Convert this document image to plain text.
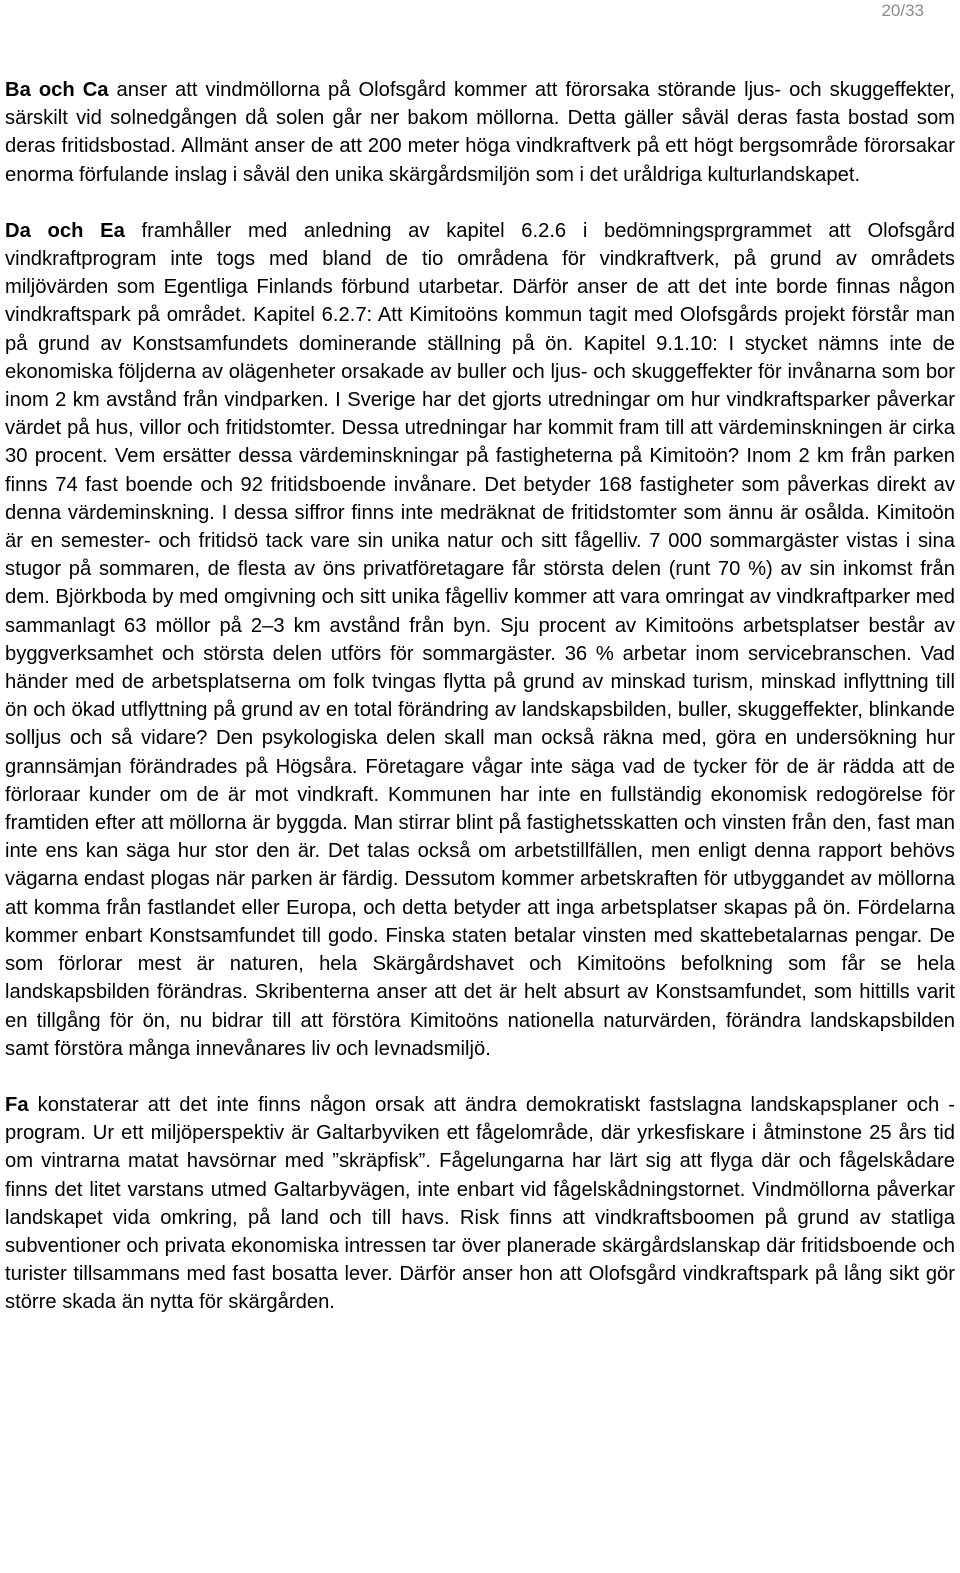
20/33

Ba och Ca anser att vindmöllorna på Olofsgård kommer att förorsaka störande ljus- och skuggeffekter, särskilt vid solnedgången då solen går ner bakom möllorna. Detta gäller såväl deras fasta bostad som deras fritidsbostad. Allmänt anser de att 200 meter höga vindkraftverk på ett högt bergsområde förorsakar enorma förfulande inslag i såväl den unika skärgårdsmiljön som i det uråldriga kulturlandskapet.

Da och Ea framhåller med anledning av kapitel 6.2.6 i bedömningsprgrammet att Olofsgård vindkraftprogram inte togs med bland de tio områdena för vindkraftverk, på grund av områdets miljövärden som Egentliga Finlands förbund utarbetar. Därför anser de att det inte borde finnas någon vindkraftspark på området. Kapitel 6.2.7: Att Kimitoöns kommun tagit med Olofsgårds projekt förstår man på grund av Konstsamfundets dominerande ställning på ön. Kapitel 9.1.10: I stycket nämns inte de ekonomiska följderna av olägenheter orsakade av buller och ljus- och skuggeffekter för invånarna som bor inom 2 km avstånd från vindparken. I Sverige har det gjorts utredningar om hur vindkraftsparker påverkar värdet på hus, villor och fritidstomter. Dessa utredningar har kommit fram till att värdeminskningen är cirka 30 procent. Vem ersätter dessa värdeminskningar på fastigheterna på Kimitoön? Inom 2 km från parken finns 74 fast boende och 92 fritidsboende invånare. Det betyder 168 fastigheter som påverkas direkt av denna värdeminskning. I dessa siffror finns inte medräknat de fritidstomter som ännu är osålda. Kimitoön är en semester- och fritidsö tack vare sin unika natur och sitt fågelliv. 7 000 sommargäster vistas i sina stugor på sommaren, de flesta av öns privatföretagare får största delen (runt 70 %) av sin inkomst från dem. Björkboda by med omgivning och sitt unika fågelliv kommer att vara omringat av vindkraftparker med sammanlagt 63 möllor på 2–3 km avstånd från byn. Sju procent av Kimitoöns arbetsplatser består av byggverksamhet och största delen utförs för sommargäster. 36 % arbetar inom servicebranschen. Vad händer med de arbetsplatserna om folk tvingas flytta på grund av minskad turism, minskad inflyttning till ön och ökad utflyttning på grund av en total förändring av landskapsbilden, buller, skuggeffekter, blinkande solljus och så vidare? Den psykologiska delen skall man också räkna med, göra en undersökning hur grannsämjan förändrades på Högsåra. Företagare vågar inte säga vad de tycker för de är rädda att de förloraar kunder om de är mot vindkraft. Kommunen har inte en fullständig ekonomisk redogörelse för framtiden efter att möllorna är byggda. Man stirrar blint på fastighetsskatten och vinsten från den, fast man inte ens kan säga hur stor den är. Det talas också om arbetstillfällen, men enligt denna rapport behövs vägarna endast plogas när parken är färdig. Dessutom kommer arbetskraften för utbyggandet av möllorna att komma från fastlandet eller Europa, och detta betyder att inga arbetsplatser skapas på ön. Fördelarna kommer enbart Konstsamfundet till godo. Finska staten betalar vinsten med skattebetalarnas pengar. De som förlorar mest är naturen, hela Skärgårdshavet och Kimitoöns befolkning som får se hela landskapsbilden förändras. Skribenterna anser att det är helt absurt av Konstsamfundet, som hittills varit en tillgång för ön, nu bidrar till att förstöra Kimitoöns nationella naturvärden, förändra landskapsbilden samt förstöra många innevånares liv och levnadsmiljö.

Fa konstaterar att det inte finns någon orsak att ändra demokratiskt fastslagna landskapsplaner och -program. Ur ett miljöperspektiv är Galtarbyviken ett fågelområde, där yrkesfiskare i åtminstone 25 års tid om vintrarna matat havsörnar med ”skräpfisk”. Fågelungarna har lärt sig att flyga där och fågelskådare finns det litet varstans utmed Galtarbyvägen, inte enbart vid fågelskådningstornet. Vindmöllorna påverkar landskapet vida omkring, på land och till havs. Risk finns att vindkraftsboomen på grund av statliga subventioner och privata ekonomiska intressen tar över planerade skärgårdslanskap där fritidsboende och turister tillsammans med fast bosatta lever. Därför anser hon att Olofsgård vindkraftspark på lång sikt gör större skada än nytta för skärgården.
